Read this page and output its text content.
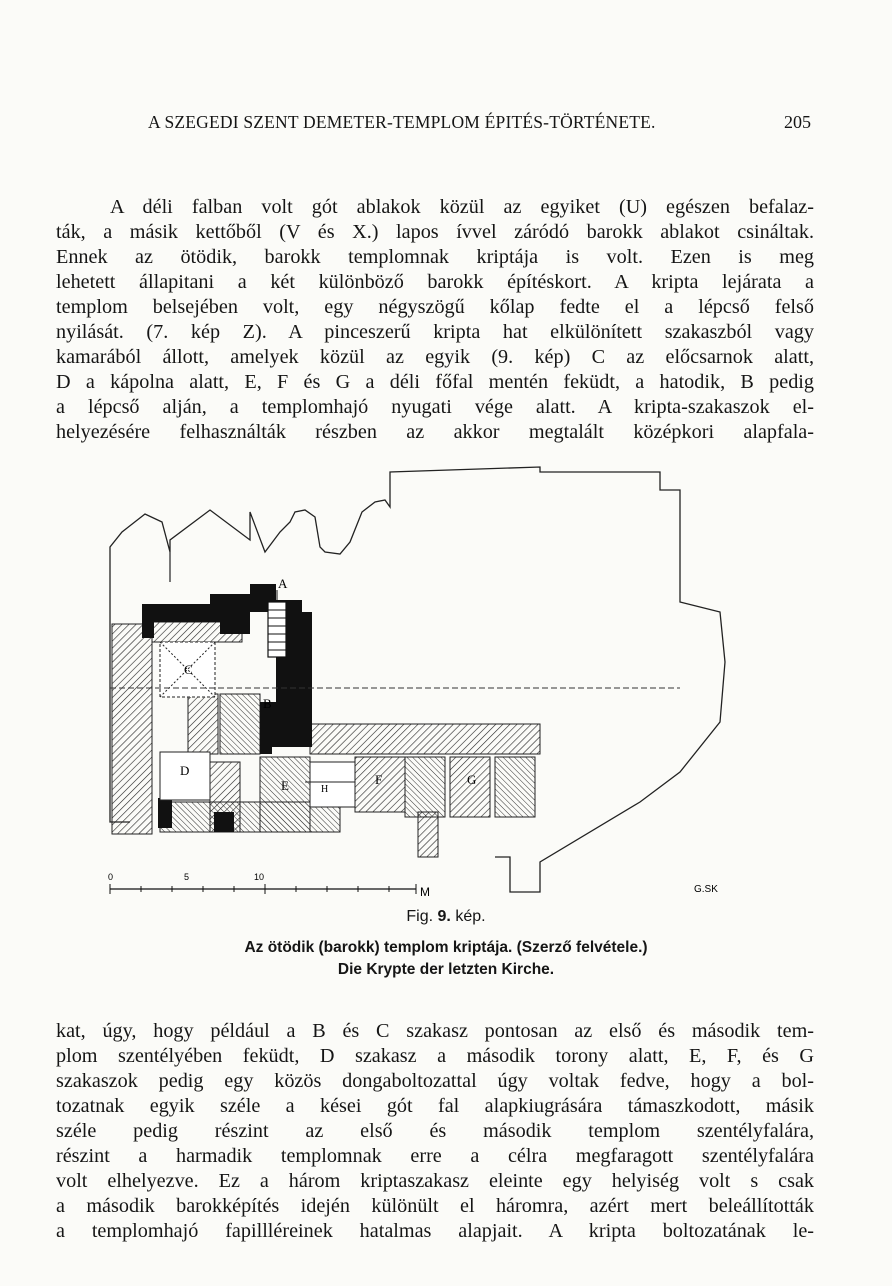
A SZEGEDI SZENT DEMETER-TEMPLOM ÉPITÉS-TÖRTÉNETE.	205
A déli falban volt gót ablakok közül az egyiket (U) egészen befalaz-
ták, a másik kettőből (V és X.) lapos ívvel záródó barokk ablakot csináltak.
Ennek az ötödik, barokk templomnak kriptája is volt. Ezen is meg
lehetett állapitani a két különböző barokk építéskort. A kripta lejárata a
templom belsejében volt, egy négyszögű kőlap fedte el a lépcső felső
nyilását. (7. kép Z). A pinceszerű kripta hat elkülönített szakaszból vagy
kamarából állott, amelyek közül az egyik (9. kép) C az előcsarnok alatt,
D a kápolna alatt, E, F és G a déli főfal mentén feküdt, a hatodik, B pedig
a lépcső alján, a templomhajó nyugati vége alatt. A kripta-szakaszok el-
helyezésére felhasználták részben az akkor megtalált középkori alapfala-
A
B
C
D
E	F	G
H
0	5	10
M	G.SK
Fig. 9. kép.
Az ötödik (barokk) templom kriptája. (Szerző felvétele.)
Die Krypte der letzten Kirche.
kat, úgy, hogy például a B és C szakasz pontosan az első és második tem-
plom szentélyében feküdt, D szakasz a második torony alatt, E, F, és G
szakaszok pedig egy közös dongaboltozattal úgy voltak fedve, hogy a bol-
tozatnak egyik széle a kései gót fal alapkiugrására támaszkodott, másik
széle pedig részint az első és második templom szentélyfalára,
részint a harmadik templomnak erre a célra megfaragott szentélyfalára
volt elhelyezve. Ez a három kriptaszakasz eleinte egy helyiség volt s csak
a második barokképítés idején különült el háromra, azért mert beleállították
a templomhajó fapillléreinek hatalmas alapjait. A kripta boltozatának le-
